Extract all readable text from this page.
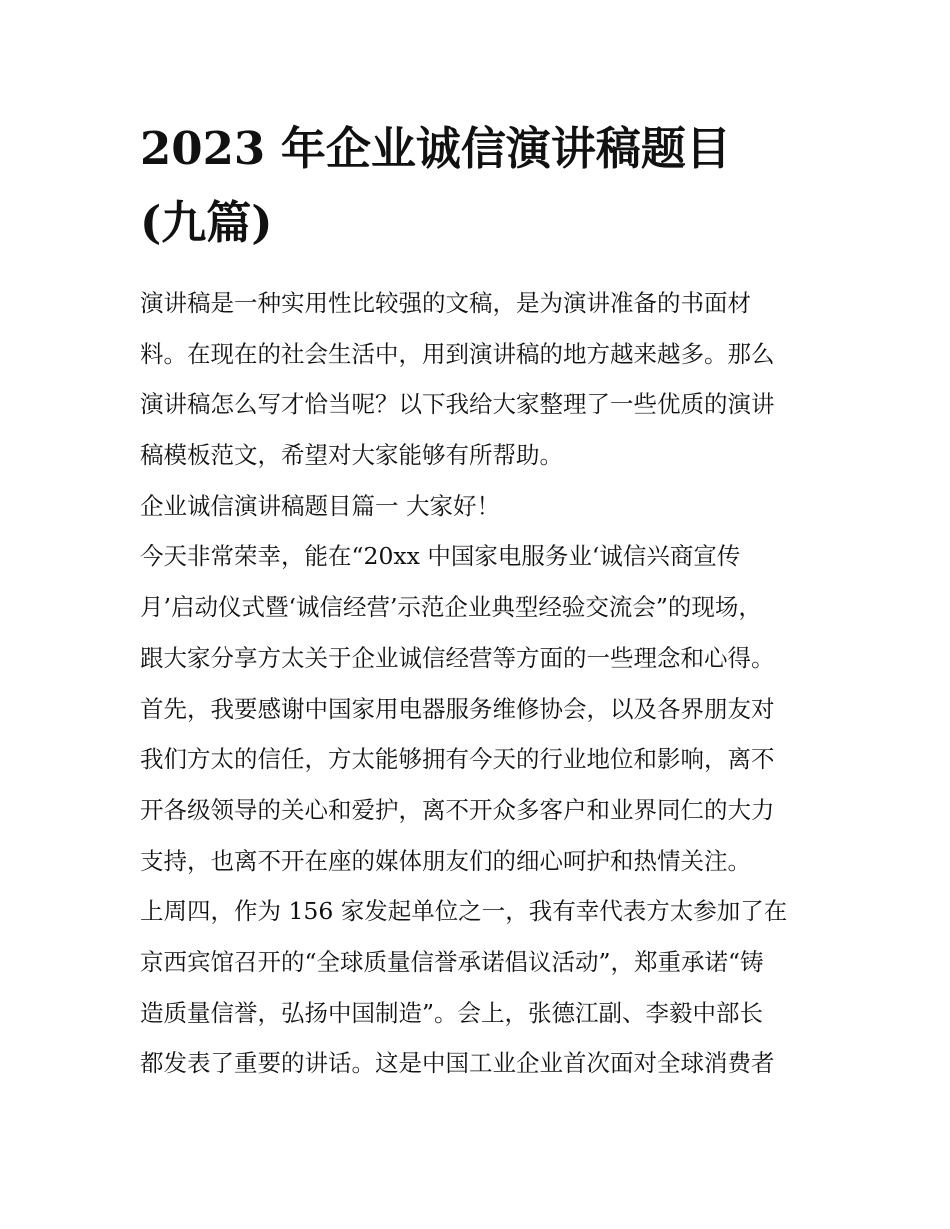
2023 年企业诚信演讲稿题目
(九篇)
演讲稿是一种实用性比较强的文稿，是为演讲准备的书面材
料。在现在的社会生活中，用到演讲稿的地方越来越多。那么
演讲稿怎么写才恰当呢？以下我给大家整理了一些优质的演讲
稿模板范文，希望对大家能够有所帮助。
企业诚信演讲稿题目篇一 大家好！
今天非常荣幸，能在“20xx 中国家电服务业‘诚信兴商宣传
月’启动仪式暨‘诚信经营’示范企业典型经验交流会”的现场，
跟大家分享方太关于企业诚信经营等方面的一些理念和心得。
首先，我要感谢中国家用电器服务维修协会，以及各界朋友对
我们方太的信任，方太能够拥有今天的行业地位和影响，离不
开各级领导的关心和爱护，离不开众多客户和业界同仁的大力
支持，也离不开在座的媒体朋友们的细心呵护和热情关注。
上周四，作为 156 家发起单位之一，我有幸代表方太参加了在
京西宾馆召开的“全球质量信誉承诺倡议活动”，郑重承诺“铸
造质量信誉，弘扬中国制造”。会上，张德江副、李毅中部长
都发表了重要的讲话。这是中国工业企业首次面对全球消费者
